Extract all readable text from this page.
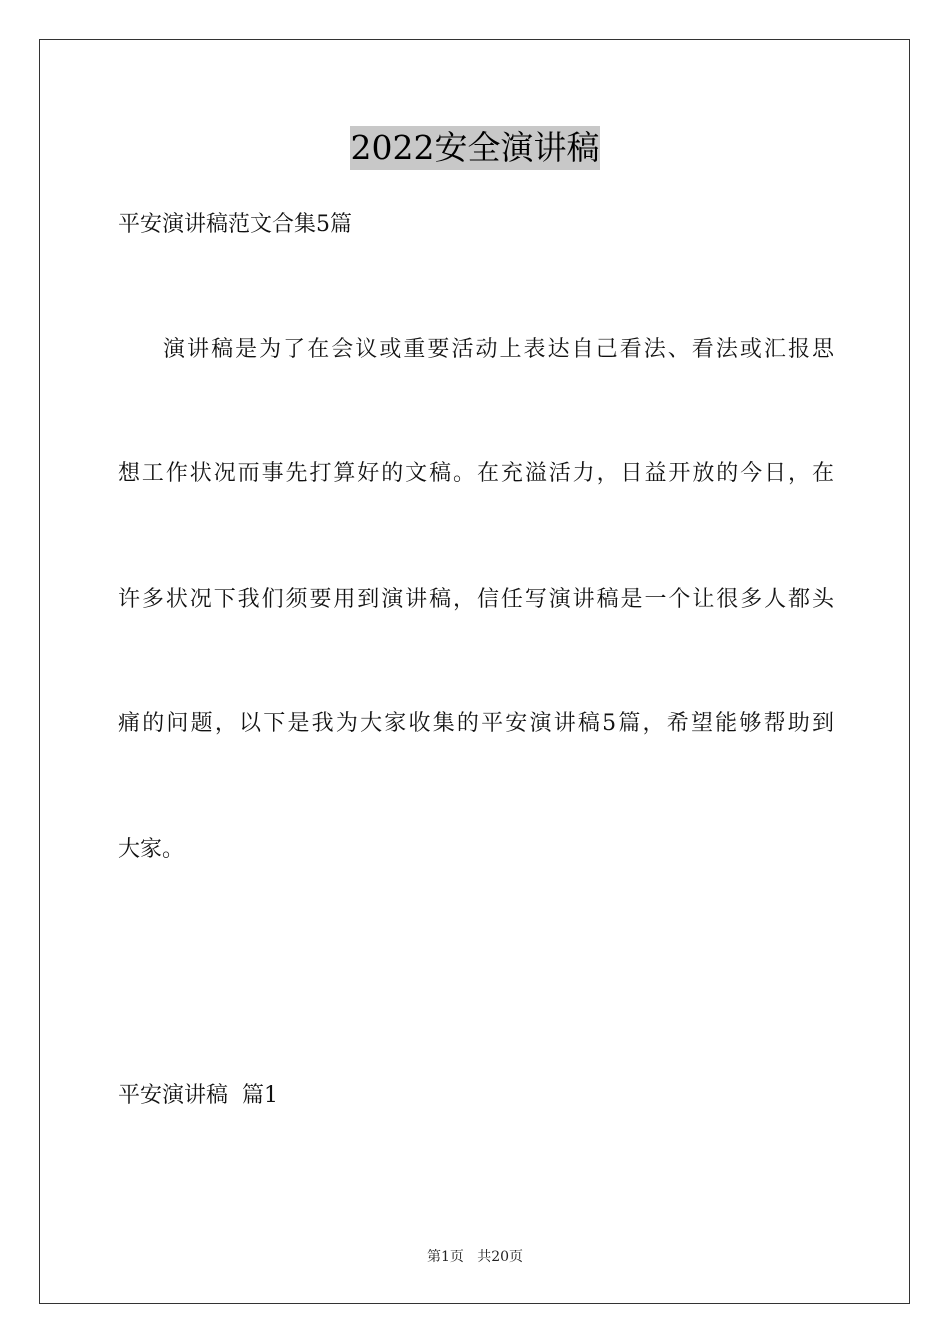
2022安全演讲稿
平安演讲稿范文合集5篇
演讲稿是为了在会议或重要活动上表达自己看法、看法或汇报思
想工作状况而事先打算好的文稿。在充溢活力，日益开放的今日，在
许多状况下我们须要用到演讲稿，信任写演讲稿是一个让很多人都头
痛的问题，以下是我为大家收集的平安演讲稿5篇，希望能够帮助到
大家。
平安演讲稿  篇1
第1页   共20页
